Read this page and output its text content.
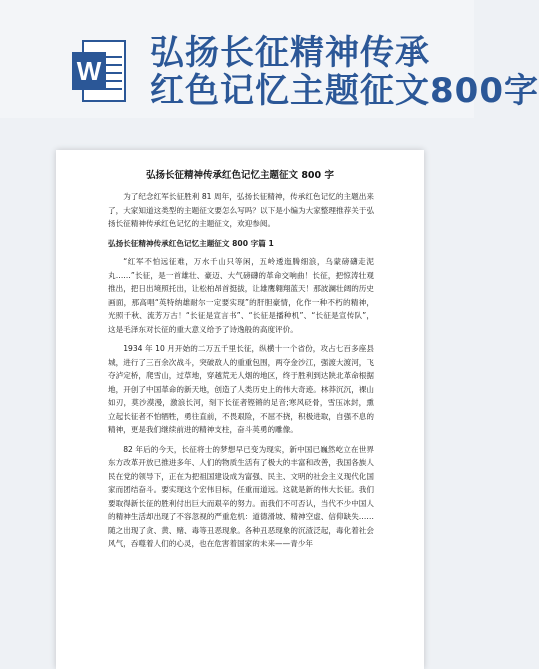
W 弘扬长征精神传承
红色记忆主题征文800字
弘扬长征精神传承红色记忆主题征文 800 字

为了纪念红军长征胜利 81 周年，弘扬长征精神，传承红色记忆的主题出来了，大家知道这类型的主题征文要怎么写吗？以下是小编为大家整理推荐关于弘扬长征精神传承红色记忆的主题征文，欢迎参阅。

弘扬长征精神传承红色记忆主题征文 800 字篇 1

“红军不怕远征难，万水千山只等闲，五岭逶迤腾细浪，乌蒙磅礴走泥丸……”长征，是一首雄壮、豪迈、大气磅礴的革命交响曲！长征，把惊涛壮观推出，把日出境照托出，让松柏昂首挺拔，让雄鹰翱翔蓝天！那波澜壮阔的历史画面，那高唱“英特纳雄耐尔一定要实现”的肝胆豪情，化作一种不朽的精神，光照千秋、流芳万古！“长征是宣言书”、“长征是播种机”、“长征是宣传队”，这是毛泽东对长征的重大意义给予了诗逸般的高度评价。

1934 年 10 月开始的二万五千里长征，纵横十一个省份，攻占七百多座县城，进行了三百余次战斗，突破敌人的重重包围，两夺金沙江，强渡大渡河，飞夺泸定桥，爬雪山，过草地，穿越荒无人烟的地区，终于胜利到达陕北革命根据地，开创了中国革命的新天地，创造了人类历史上的伟大奇迹。林莽沉沉，裸山如刃，莫沙漠漫，激浪长河，刻下长征者铿锵的足音;寒风砭骨，雪压冰封，熏立起长征者不怕牺牲，勇往直前，不畏艰险，不屈不挠，积极进取，自强不息的精神，更是我们继续前进的精神支柱，奋斗英勇的雕像。

82 年后的今天，长征将士的梦想早已变为现实，新中国已巍然屹立在世界东方改革开放已推进多年、人们的物质生活有了极大的丰富和改善，我国各族人民在党的领导下，正在为把祖国建设成为富强、民主、文明的社会主义现代化国家而团结奋斗。要实现这个宏伟目标，任重而道远。这就是新的伟大长征。我们要取得新长征的胜利付出巨大而艰辛的努力。而我们不可否认，当代不少中国人的精神生活却出现了不容忽视的严重危机：道德滑坡、精神空虚、信仰缺失……随之出现了贪、黄、赌、毒等丑恶现象。各种丑恶现象的沉渣泛起，毒化着社会风气，吞噬着人们的心灵，也在危害着国家的未来——青少年
